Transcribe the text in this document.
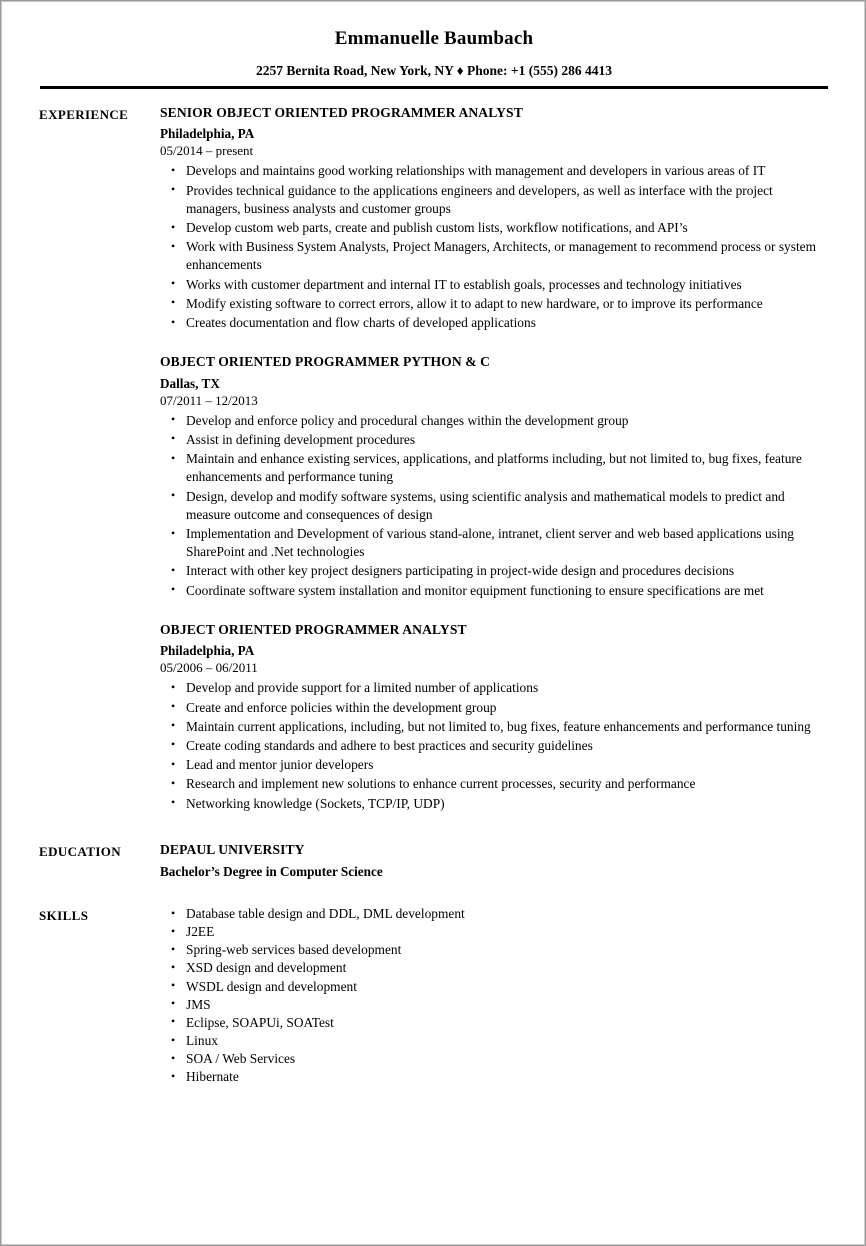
Emmanuelle Baumbach
2257 Bernita Road, New York, NY ♦ Phone: +1 (555) 286 4413
EXPERIENCE	SENIOR OBJECT ORIENTED PROGRAMMER ANALYST
Philadelphia, PA
05/2014 – present
• Develops and maintains good working relationships with management and developers in various areas of IT
• Provides technical guidance to the applications engineers and developers, as well as interface with the project managers, business analysts and customer groups
• Develop custom web parts, create and publish custom lists, workflow notifications, and API’s
• Work with Business System Analysts, Project Managers, Architects, or management to recommend process or system enhancements
• Works with customer department and internal IT to establish goals, processes and technology initiatives
• Modify existing software to correct errors, allow it to adapt to new hardware, or to improve its performance
• Creates documentation and flow charts of developed applications
OBJECT ORIENTED PROGRAMMER PYTHON & C
Dallas, TX
07/2011 – 12/2013
• Develop and enforce policy and procedural changes within the development group
• Assist in defining development procedures
• Maintain and enhance existing services, applications, and platforms including, but not limited to, bug fixes, feature enhancements and performance tuning
• Design, develop and modify software systems, using scientific analysis and mathematical models to predict and measure outcome and consequences of design
• Implementation and Development of various stand-alone, intranet, client server and web based applications using SharePoint and .Net technologies
• Interact with other key project designers participating in project-wide design and procedures decisions
• Coordinate software system installation and monitor equipment functioning to ensure specifications are met
OBJECT ORIENTED PROGRAMMER ANALYST
Philadelphia, PA
05/2006 – 06/2011
• Develop and provide support for a limited number of applications
• Create and enforce policies within the development group
• Maintain current applications, including, but not limited to, bug fixes, feature enhancements and performance tuning
• Create coding standards and adhere to best practices and security guidelines
• Lead and mentor junior developers
• Research and implement new solutions to enhance current processes, security and performance
• Networking knowledge (Sockets, TCP/IP, UDP)
EDUCATION	DEPAUL UNIVERSITY
Bachelor’s Degree in Computer Science
SKILLS	• Database table design and DDL, DML development
• J2EE
• Spring-web services based development
• XSD design and development
• WSDL design and development
• JMS
• Eclipse, SOAPUi, SOATest
• Linux
• SOA / Web Services
• Hibernate
